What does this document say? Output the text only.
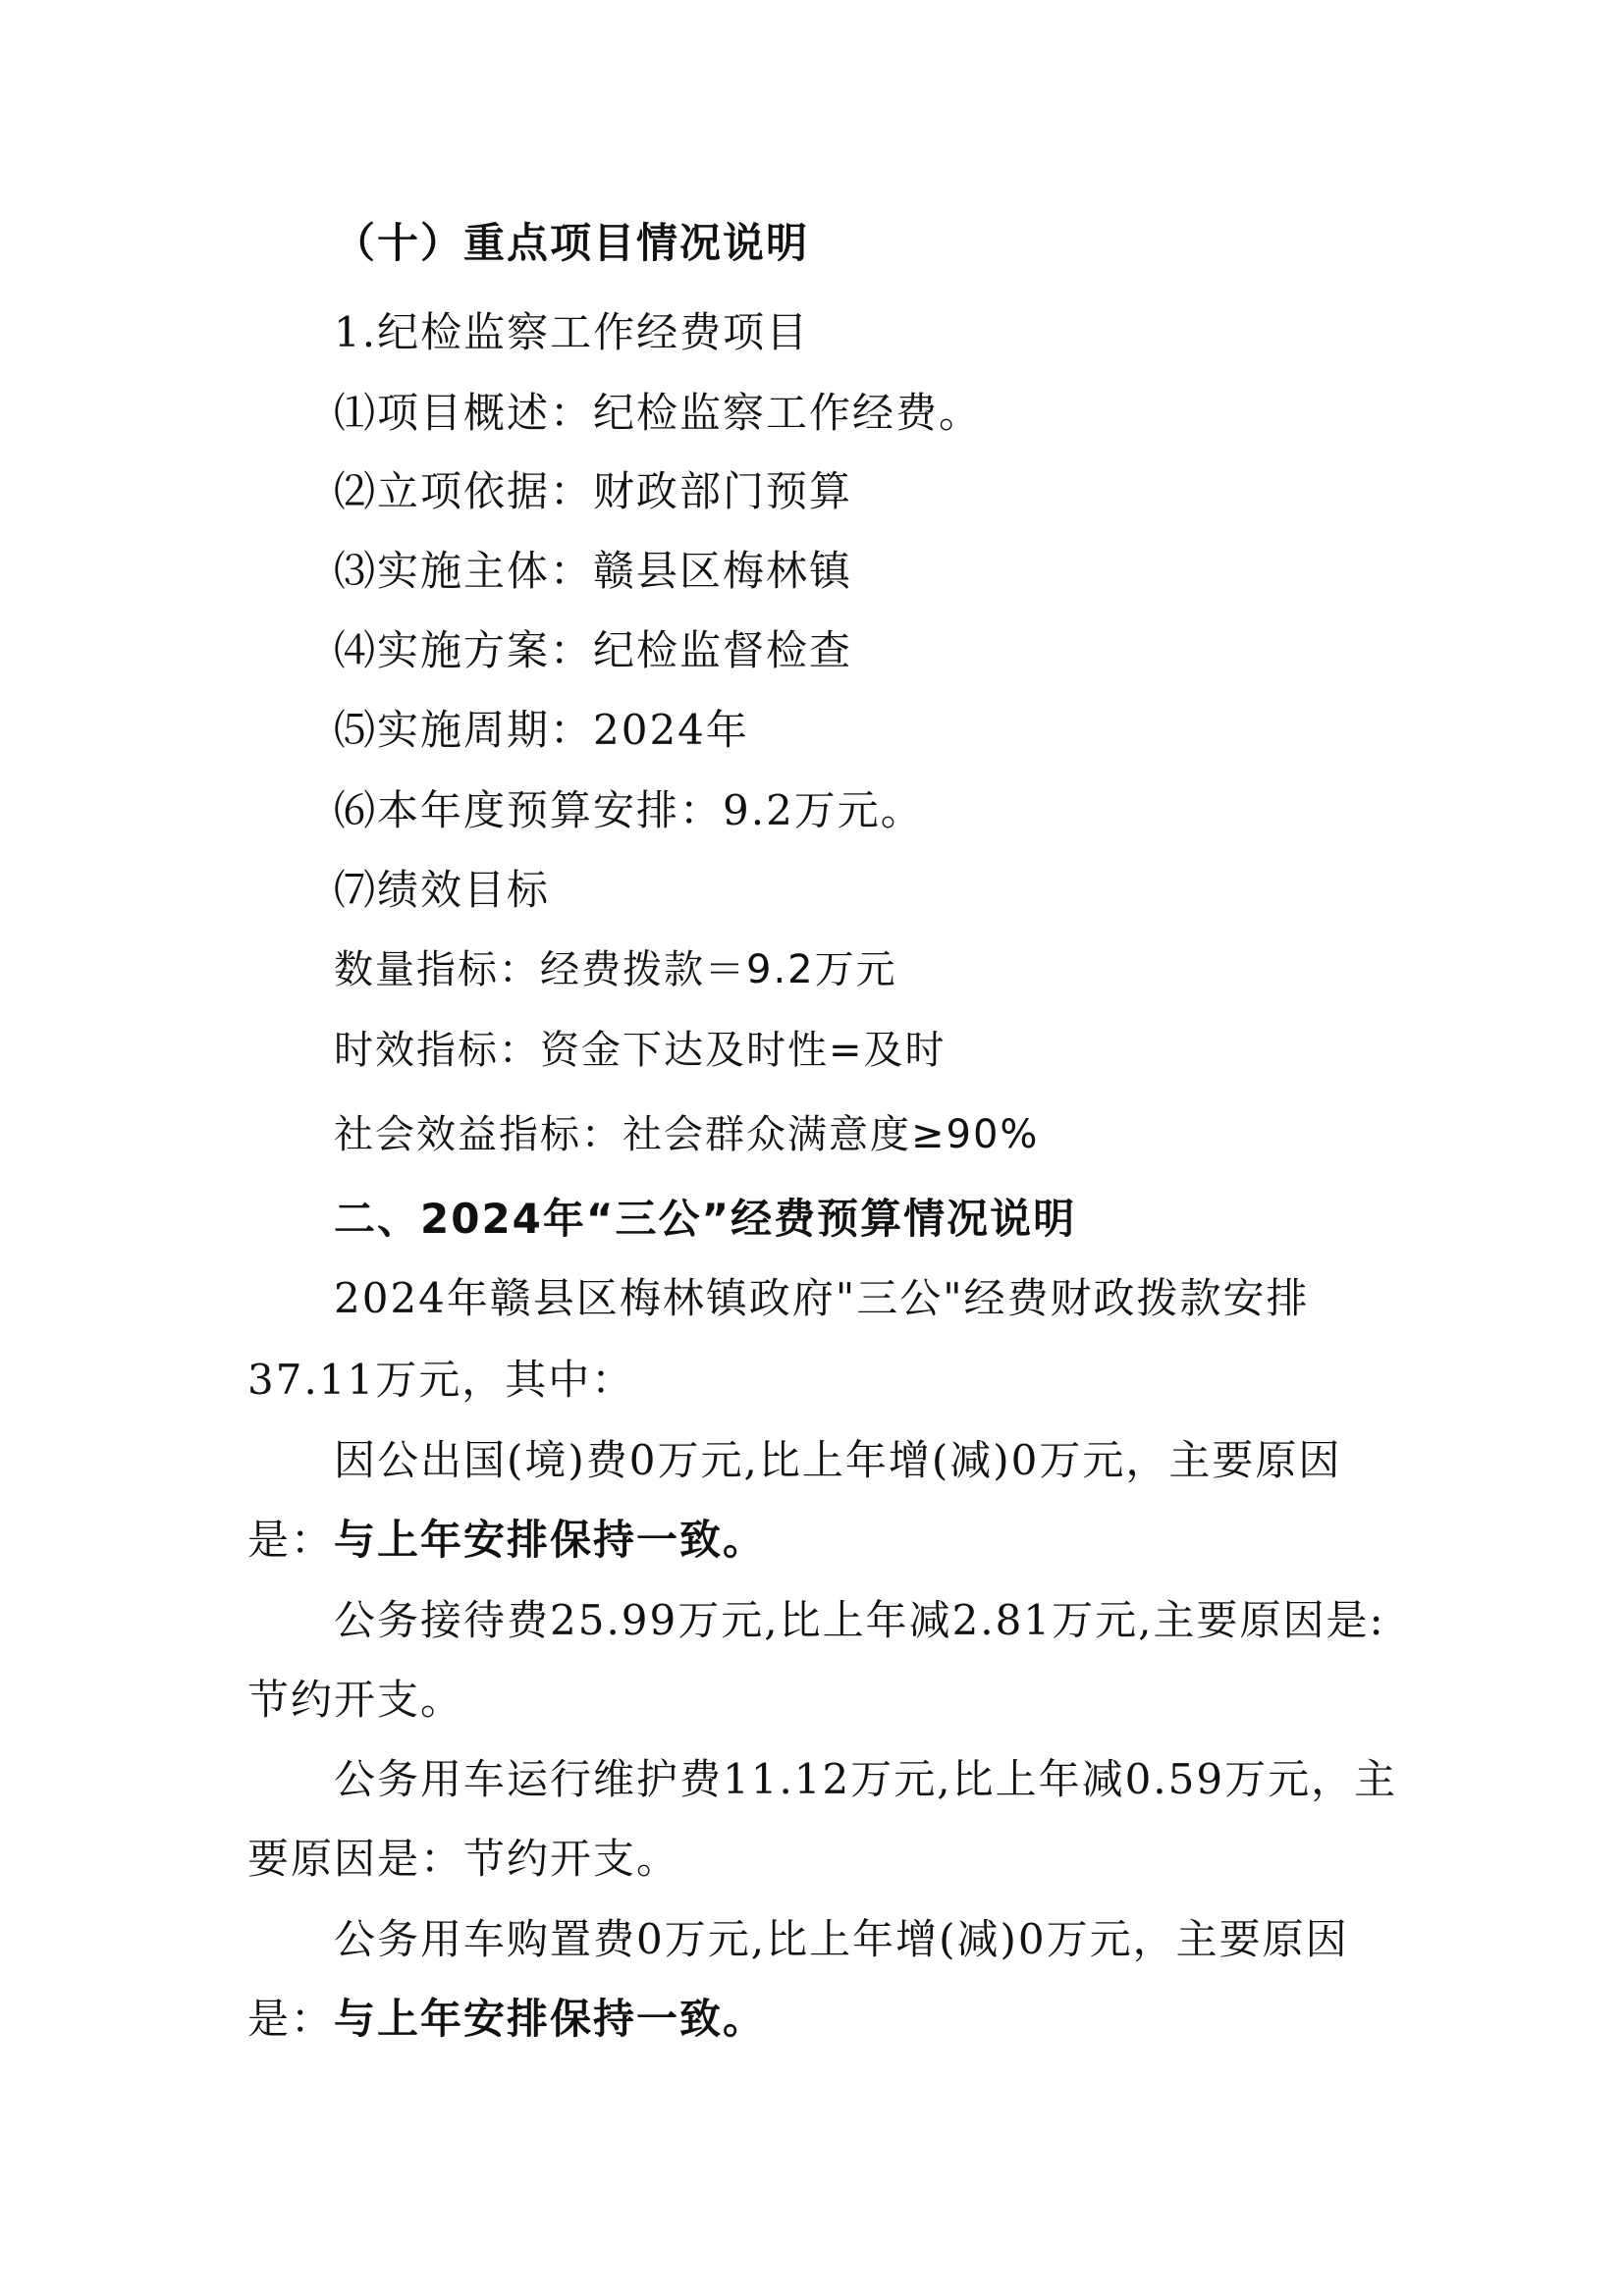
（十）重点项目情况说明
1.纪检监察工作经费项目
⑴项目概述：纪检监察工作经费。
⑵立项依据：财政部门预算
⑶实施主体：赣县区梅林镇
⑷实施方案：纪检监督检查
⑸实施周期：2024年
⑹本年度预算安排：9.2万元。
⑺绩效目标
数量指标：经费拨款＝9.2万元
时效指标：资金下达及时性=及时
社会效益指标：社会群众满意度≥90%
二、2024年“三公”经费预算情况说明
2024年赣县区梅林镇政府"三公"经费财政拨款安排
37.11万元，其中：
因公出国(境)费0万元,比上年增(减)0万元，主要原因
是：与上年安排保持一致。
公务接待费25.99万元,比上年减2.81万元,主要原因是:
节约开支。
公务用车运行维护费11.12万元,比上年减0.59万元，主
要原因是：节约开支。
公务用车购置费0万元,比上年增(减)0万元，主要原因
是：与上年安排保持一致。
